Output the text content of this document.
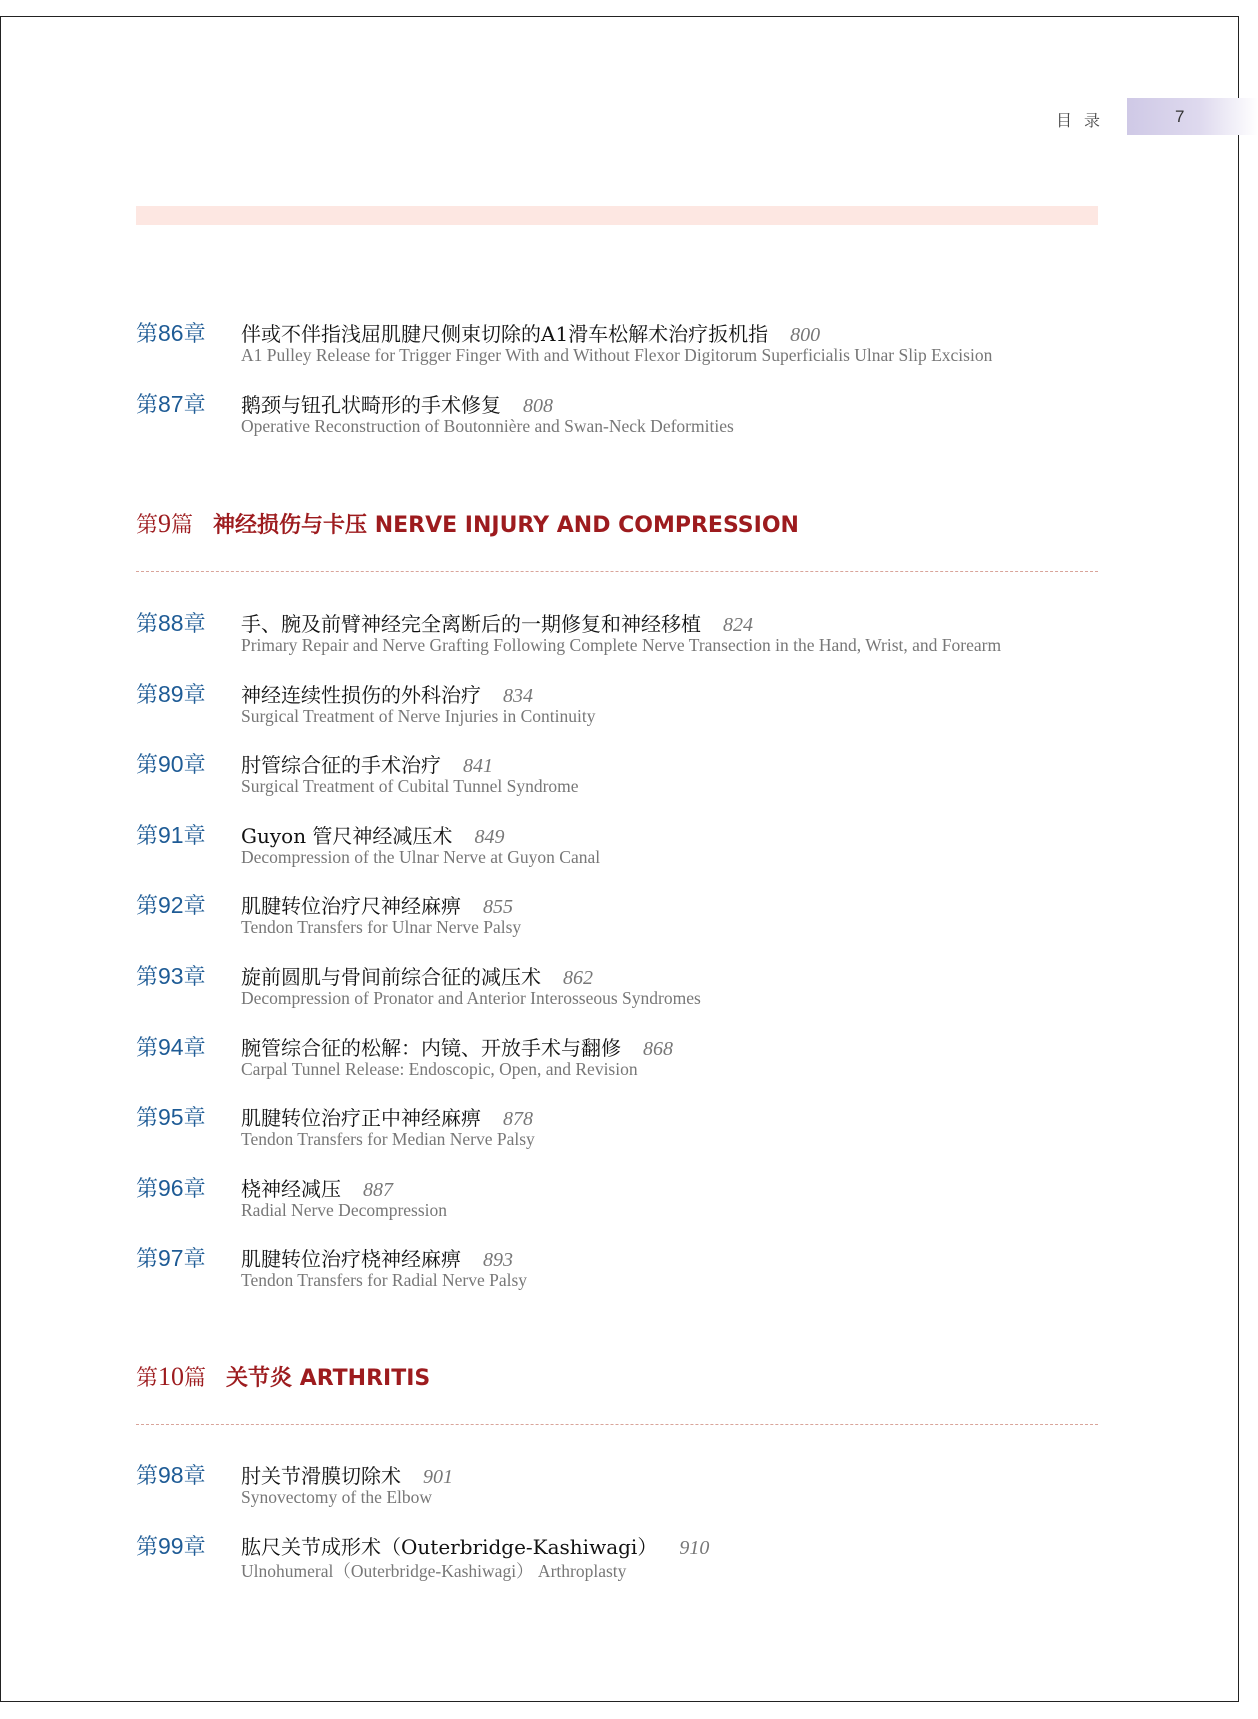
目录	7
第86章 伴或不伴指浅屈肌腱尺侧束切除的A1滑车松解术治疗扳机指 800
A1 Pulley Release for Trigger Finger With and Without Flexor Digitorum Superficialis Ulnar Slip Excision
第87章 鹅颈与钮孔状畸形的手术修复 808
Operative Reconstruction of Boutonnière and Swan-Neck Deformities
第9篇 神经损伤与卡压 NERVE INJURY AND COMPRESSION
第88章 手、腕及前臂神经完全离断后的一期修复和神经移植 824
Primary Repair and Nerve Grafting Following Complete Nerve Transection in the Hand, Wrist, and Forearm
第89章 神经连续性损伤的外科治疗 834
Surgical Treatment of Nerve Injuries in Continuity
第90章 肘管综合征的手术治疗 841
Surgical Treatment of Cubital Tunnel Syndrome
第91章 Guyon 管尺神经减压术 849
Decompression of the Ulnar Nerve at Guyon Canal
第92章 肌腱转位治疗尺神经麻痹 855
Tendon Transfers for Ulnar Nerve Palsy
第93章 旋前圆肌与骨间前综合征的减压术 862
Decompression of Pronator and Anterior Interosseous Syndromes
第94章 腕管综合征的松解：内镜、开放手术与翻修 868
Carpal Tunnel Release: Endoscopic, Open, and Revision
第95章 肌腱转位治疗正中神经麻痹 878
Tendon Transfers for Median Nerve Palsy
第96章 桡神经减压 887
Radial Nerve Decompression
第97章 肌腱转位治疗桡神经麻痹 893
Tendon Transfers for Radial Nerve Palsy
第10篇 关节炎 ARTHRITIS
第98章 肘关节滑膜切除术 901
Synovectomy of the Elbow
第99章 肱尺关节成形术（Outerbridge-Kashiwagi） 910
Ulnohumeral（Outerbridge-Kashiwagi） Arthroplasty
